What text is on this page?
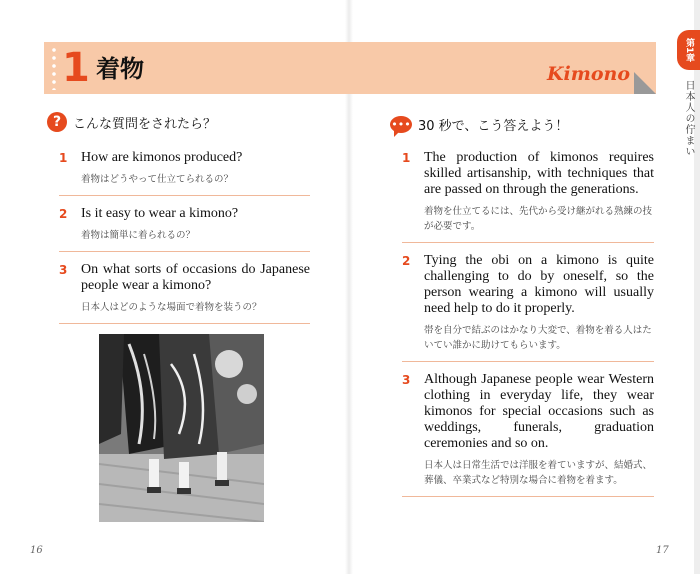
1 着物	Kimono
第1章
日本人の佇まい
? こんな質問をされたら？
1 How are kimonos produced?
着物はどうやって仕立てられるの？
2 Is it easy to wear a kimono?
着物は簡単に着られるの？
3 On what sorts of occasions do Japanese people wear a kimono?
日本人はどのような場面で着物を装うの？
••• 30 秒で、こう答えよう！
1 The production of kimonos requires skilled artisanship, with techniques that are passed on through the generations.
着物を仕立てるには、先代から受け継がれる熟練の技が必要です。
2 Tying the obi on a kimono is quite challenging to do by oneself, so the person wearing a kimono will usually need help to do it properly.
帯を自分で結ぶのはかなり大変で、着物を着る人はたいてい誰かに助けてもらいます。
3 Although Japanese people wear Western clothing in everyday life, they wear kimonos for special occasions such as weddings, funerals, graduation ceremonies and so on.
日本人は日常生活では洋服を着ていますが、結婚式、葬儀、卒業式など特別な場合に着物を着ます。
16	17
